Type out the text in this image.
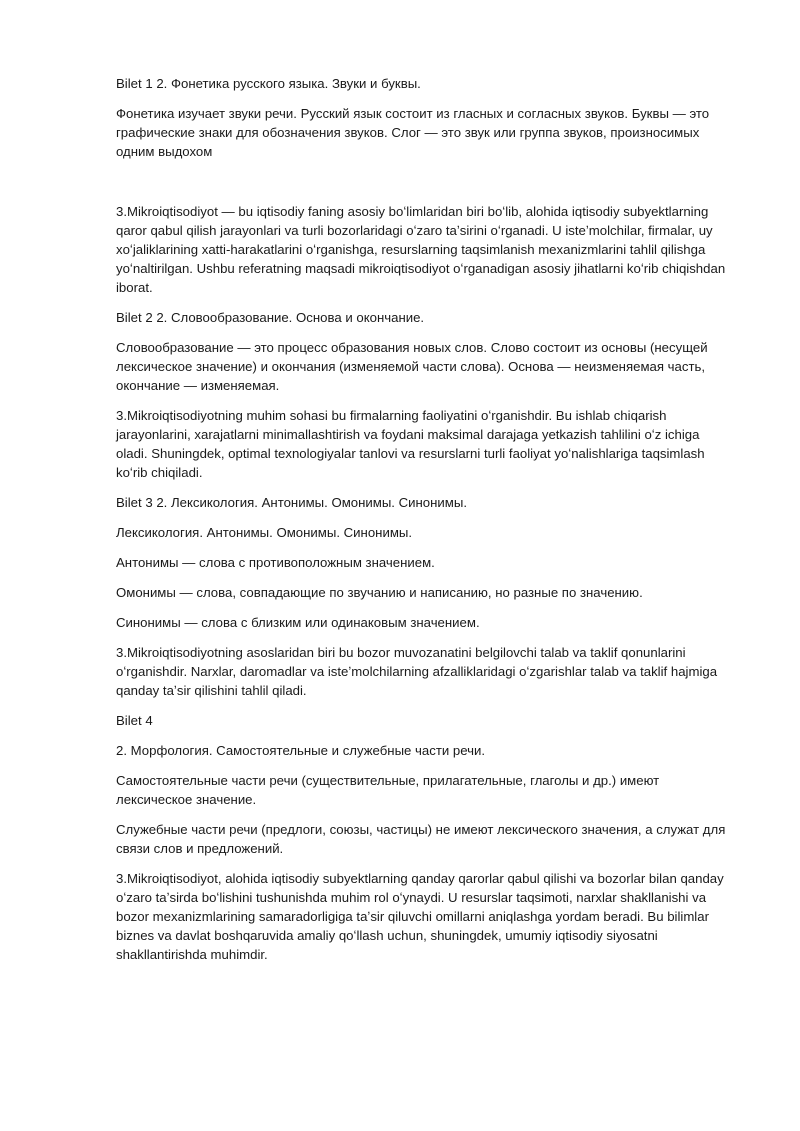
Bilet 1 2. Фонетика русского языка. Звуки и буквы.

Фонетика изучает звуки речи. Русский язык состоит из гласных и согласных звуков. Буквы — это графические знаки для обозначения звуков. Слог — это звук или группа звуков, произносимых одним выдохом

3.Mikroiqtisodiyot — bu iqtisodiy faning asosiy boʻlimlaridan biri boʻlib, alohida iqtisodiy subyektlarning qaror qabul qilish jarayonlari va turli bozorlaridagi oʻzaro taʼsirini oʻrganadi. U isteʼmolchilar, firmalar, uy xoʻjaliklarining xatti-harakatlarini oʻrganishga, resurslarning taqsimlanish mexanizmlarini tahlil qilishga yoʻnaltirilgan. Ushbu referatning maqsadi mikroiqtisodiyot oʻrganadigan asosiy jihatlarni koʻrib chiqishdan iborat.

Bilet 2 2. Словообразование. Основа и окончание.

Словообразование — это процесс образования новых слов. Слово состоит из основы (несущей лексическое значение) и окончания (изменяемой части слова). Основа — неизменяемая часть, окончание — изменяемая.

3.Mikroiqtisodiyotning muhim sohasi bu firmalarning faoliyatini oʻrganishdir. Bu ishlab chiqarish jarayonlarini, xarajatlarni minimallashtirish va foydani maksimal darajaga yetkazish tahlilini oʻz ichiga oladi. Shuningdek, optimal texnologiyalar tanlovi va resurslarni turli faoliyat yoʻnalishlariga taqsimlash koʻrib chiqiladi.

Bilet 3 2. Лексикология. Антонимы. Омонимы. Синонимы.

Лексикология. Антонимы. Омонимы. Синонимы.

Антонимы — слова с противоположным значением.

Омонимы — слова, совпадающие по звучанию и написанию, но разные по значению.

Синонимы — слова с близким или одинаковым значением.

3.Mikroiqtisodiyotning asoslaridan biri bu bozor muvozanatini belgilovchi talab va taklif qonunlarini oʻrganishdir. Narxlar, daromadlar va isteʼmolchilarning afzalliklaridagi oʻzgarishlar talab va taklif hajmiga qanday taʼsir qilishini tahlil qiladi.

Bilet 4

2. Морфология. Самостоятельные и служебные части речи.

Самостоятельные части речи (существительные, прилагательные, глаголы и др.) имеют лексическое значение.

Служебные части речи (предлоги, союзы, частицы) не имеют лексического значения, а служат для связи слов и предложений.

3.Mikroiqtisodiyot, alohida iqtisodiy subyektlarning qanday qarorlar qabul qilishi va bozorlar bilan qanday oʻzaro taʼsirda boʻlishini tushunishda muhim rol oʻynaydi. U resurslar taqsimoti, narxlar shakllanishi va bozor mexanizmlarining samaradorligiga taʼsir qiluvchi omillarni aniqlashga yordam beradi. Bu bilimlar biznes va davlat boshqaruvida amaliy qoʻllash uchun, shuningdek, umumiy iqtisodiy siyosatni shakllantirishda muhimdir.
